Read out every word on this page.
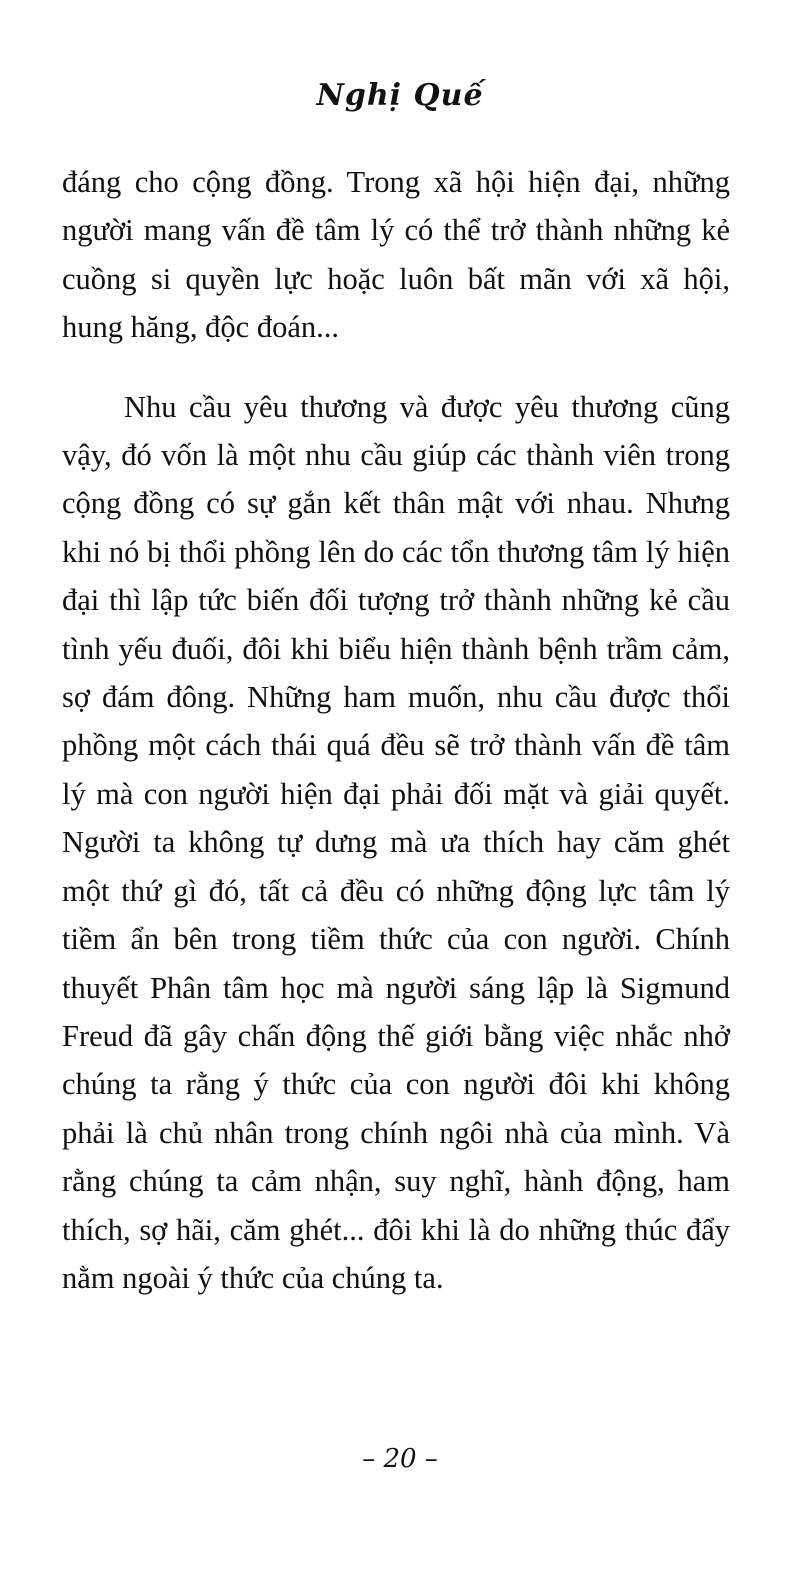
Nghị Quế

đáng cho cộng đồng. Trong xã hội hiện đại, những người mang vấn đề tâm lý có thể trở thành những kẻ cuồng si quyền lực hoặc luôn bất mãn với xã hội, hung hăng, độc đoán...

Nhu cầu yêu thương và được yêu thương cũng vậy, đó vốn là một nhu cầu giúp các thành viên trong cộng đồng có sự gắn kết thân mật với nhau. Nhưng khi nó bị thổi phồng lên do các tổn thương tâm lý hiện đại thì lập tức biến đối tượng trở thành những kẻ cầu tình yếu đuối, đôi khi biểu hiện thành bệnh trầm cảm, sợ đám đông. Những ham muốn, nhu cầu được thổi phồng một cách thái quá đều sẽ trở thành vấn đề tâm lý mà con người hiện đại phải đối mặt và giải quyết. Người ta không tự dưng mà ưa thích hay căm ghét một thứ gì đó, tất cả đều có những động lực tâm lý tiềm ẩn bên trong tiềm thức của con người. Chính thuyết Phân tâm học mà người sáng lập là Sigmund Freud đã gây chấn động thế giới bằng việc nhắc nhở chúng ta rằng ý thức của con người đôi khi không phải là chủ nhân trong chính ngôi nhà của mình. Và rằng chúng ta cảm nhận, suy nghĩ, hành động, ham thích, sợ hãi, căm ghét... đôi khi là do những thúc đẩy nằm ngoài ý thức của chúng ta.

– 20 –
